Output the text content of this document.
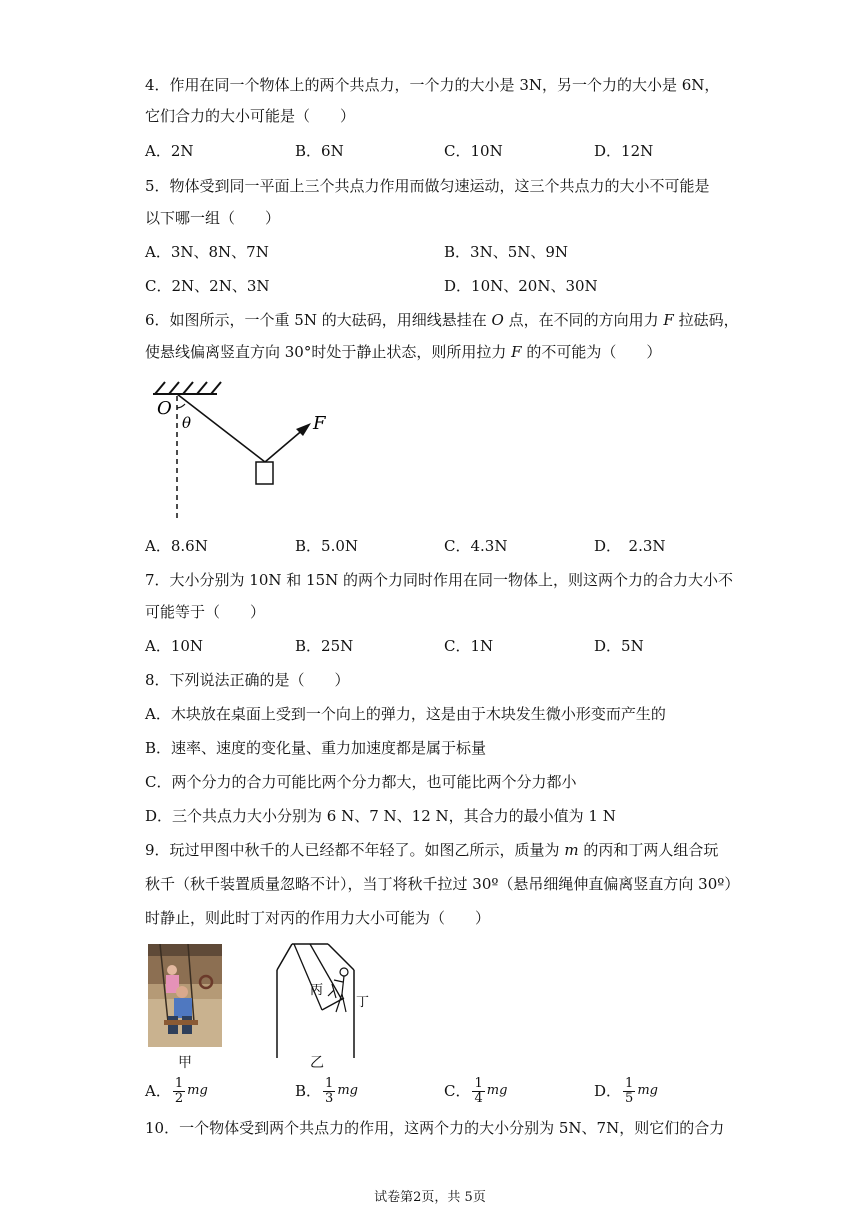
4．作用在同一个物体上的两个共点力，一个力的大小是 3N，另一个力的大小是 6N，
它们合力的大小可能是（　　）
A．2N	B．6N	C．10N	D．12N
5．物体受到同一平面上三个共点力作用而做匀速运动，这三个共点力的大小不可能是
以下哪一组（　　）
A．3N、8N、7N	B．3N、5N、9N
C．2N、2N、3N	D．10N、20N、30N
6．如图所示，一个重 5N 的大砝码，用细线悬挂在 O 点，在不同的方向用力 F 拉砝码，
使悬线偏离竖直方向 30°时处于静止状态，则所用拉力 F 的不可能为（　　）
O
θ	F
A．8.6N	B．5.0N	C．4.3N	D．　2.3N
7．大小分别为 10N 和 15N 的两个力同时作用在同一物体上，则这两个力的合力大小不
可能等于（　　）
A．10N	B．25N	C．1N	D．5N
8．下列说法正确的是（　　）
A．木块放在桌面上受到一个向上的弹力，这是由于木块发生微小形变而产生的
B．速率、速度的变化量、重力加速度都是属于标量
C．两个分力的合力可能比两个分力都大，也可能比两个分力都小
D．三个共点力大小分别为 6 N、7 N、12 N，其合力的最小值为 1 N
9．玩过甲图中秋千的人已经都不年轻了。如图乙所示，质量为 m 的丙和丁两人组合玩
秋千（秋千装置质量忽略不计），当丁将秋千拉过 30º（悬吊细绳伸直偏离竖直方向 30º）
时静止，则此时丁对丙的作用力大小可能为（　　）
甲
丙
丁
乙
A． $\frac{1}{2}$ mg	B． $\frac{1}{3}$ mg	C． $\frac{1}{4}$ mg	D． $\frac{1}{5}$ mg
10．一个物体受到两个共点力的作用，这两个力的大小分别为 5N、7N，则它们的合力
试卷第2页，共 5页
